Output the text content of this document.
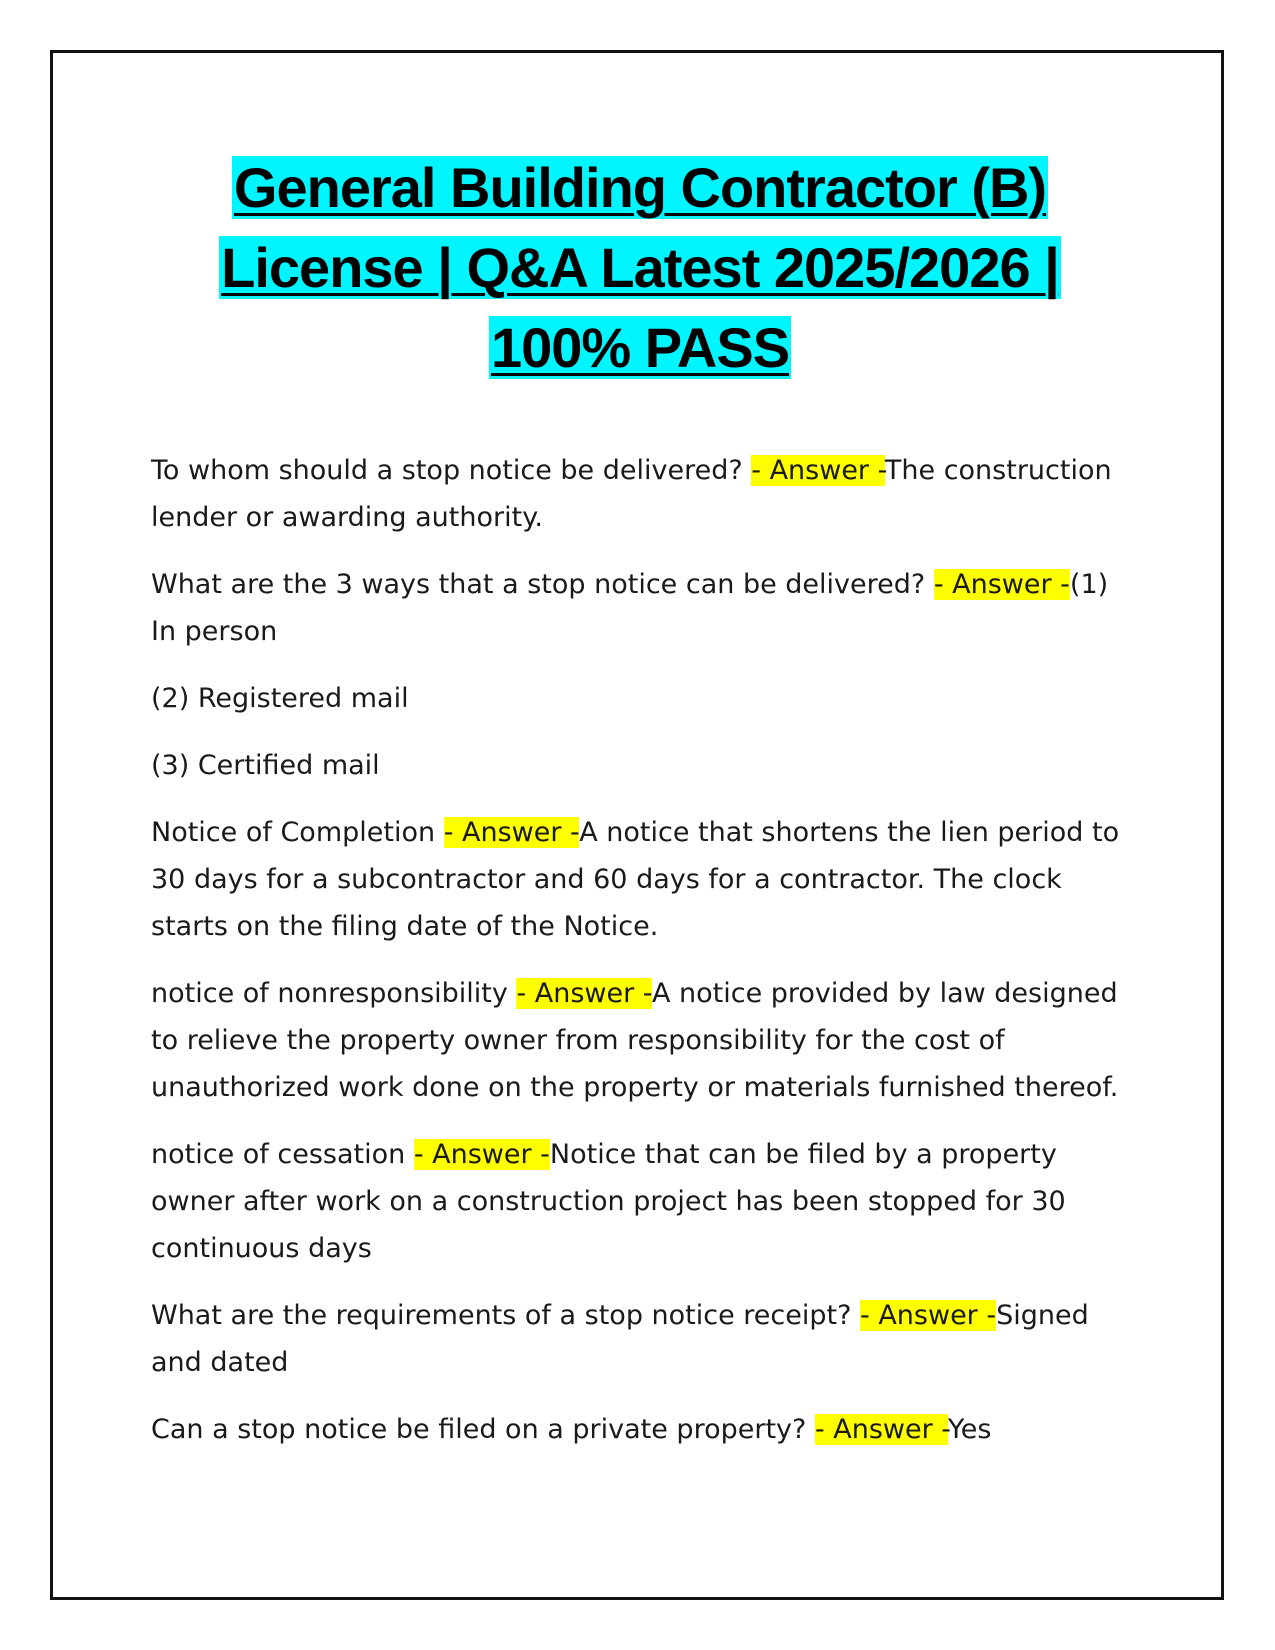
General Building Contractor (B)
License | Q&A Latest 2025/2026 |
100% PASS

To whom should a stop notice be delivered? - Answer -The construction lender or awarding authority.

What are the 3 ways that a stop notice can be delivered? - Answer -(1) In person

(2) Registered mail

(3) Certified mail

Notice of Completion - Answer -A notice that shortens the lien period to 30 days for a subcontractor and 60 days for a contractor. The clock starts on the filing date of the Notice.

notice of nonresponsibility - Answer -A notice provided by law designed to relieve the property owner from responsibility for the cost of unauthorized work done on the property or materials furnished thereof.

notice of cessation - Answer -Notice that can be filed by a property owner after work on a construction project has been stopped for 30 continuous days

What are the requirements of a stop notice receipt? - Answer -Signed and dated

Can a stop notice be filed on a private property? - Answer -Yes
